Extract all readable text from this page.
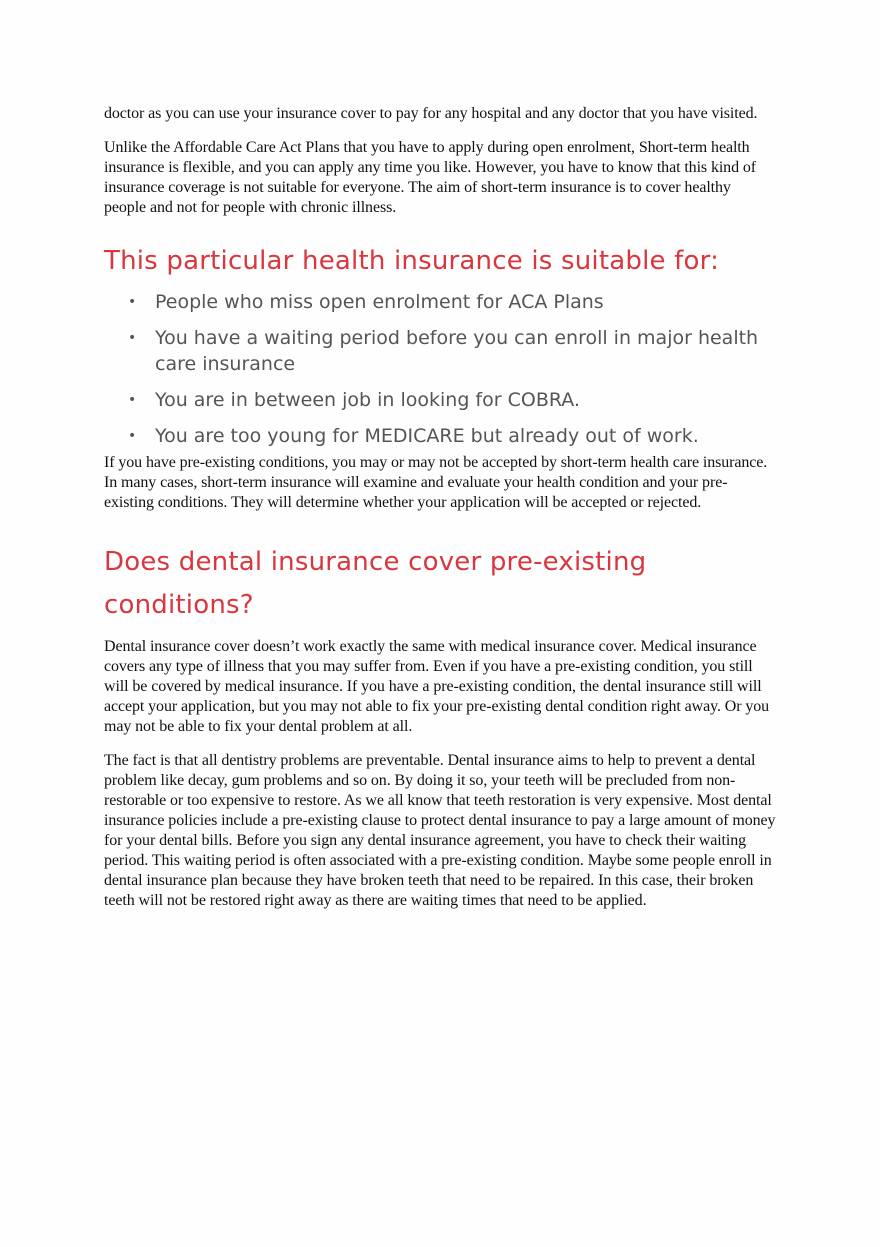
doctor as you can use your insurance cover to pay for any hospital and any doctor that you have visited.

Unlike the Affordable Care Act Plans that you have to apply during open enrolment, Short-term health insurance is flexible, and you can apply any time you like. However, you have to know that this kind of insurance coverage is not suitable for everyone. The aim of short-term insurance is to cover healthy people and not for people with chronic illness.

This particular health insurance is suitable for:
• People who miss open enrolment for ACA Plans
• You have a waiting period before you can enroll in major health care insurance
• You are in between job in looking for COBRA.
• You are too young for MEDICARE but already out of work.

If you have pre-existing conditions, you may or may not be accepted by short-term health care insurance. In many cases, short-term insurance will examine and evaluate your health condition and your pre-existing conditions. They will determine whether your application will be accepted or rejected.

Does dental insurance cover pre-existing conditions?

Dental insurance cover doesn’t work exactly the same with medical insurance cover. Medical insurance covers any type of illness that you may suffer from. Even if you have a pre-existing condition, you still will be covered by medical insurance. If you have a pre-existing condition, the dental insurance still will accept your application, but you may not able to fix your pre-existing dental condition right away. Or you may not be able to fix your dental problem at all.

The fact is that all dentistry problems are preventable. Dental insurance aims to help to prevent a dental problem like decay, gum problems and so on. By doing it so, your teeth will be precluded from non-restorable or too expensive to restore. As we all know that teeth restoration is very expensive. Most dental insurance policies include a pre-existing clause to protect dental insurance to pay a large amount of money for your dental bills. Before you sign any dental insurance agreement, you have to check their waiting period. This waiting period is often associated with a pre-existing condition. Maybe some people enroll in dental insurance plan because they have broken teeth that need to be repaired. In this case, their broken teeth will not be restored right away as there are waiting times that need to be applied.
